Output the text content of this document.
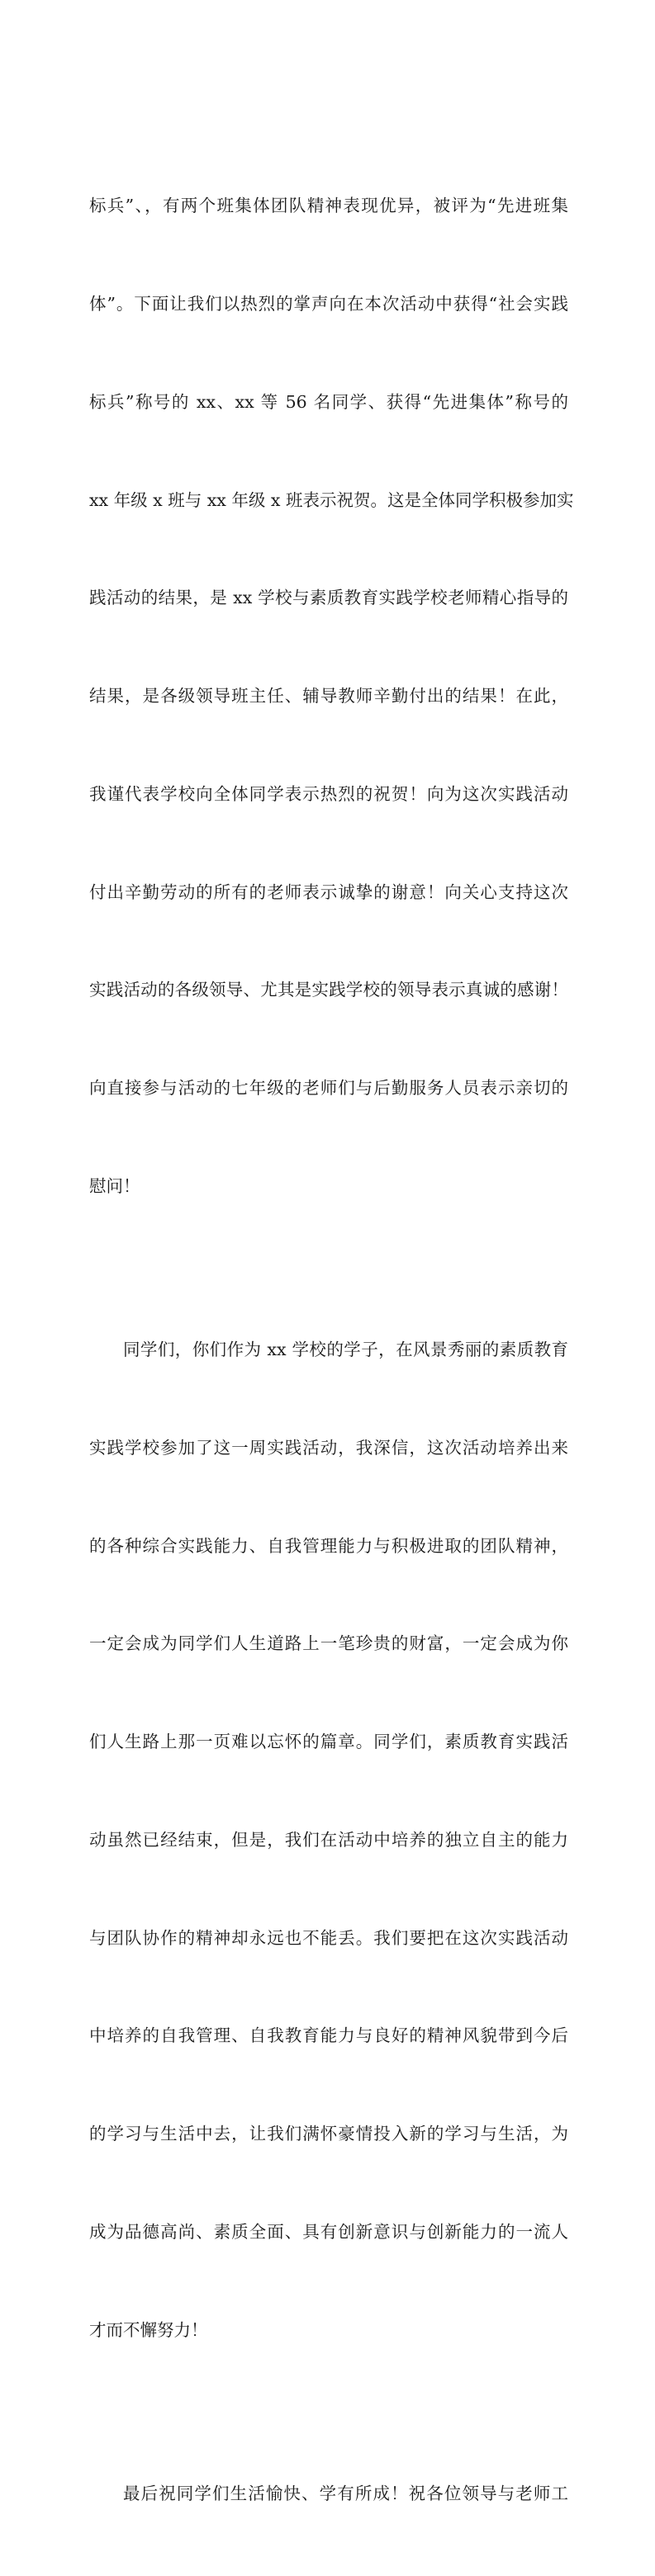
标兵”、，有两个班集体团队精神表现优异，被评为“先进班集

体”。下面让我们以热烈的掌声向在本次活动中获得“社会实践

标兵”称号的 xx、xx 等 56 名同学、获得“先进集体”称号的

xx 年级 x 班与 xx 年级 x 班表示祝贺。这是全体同学积极参加实

践活动的结果，是 xx 学校与素质教育实践学校老师精心指导的

结果，是各级领导班主任、辅导教师辛勤付出的结果！在此，

我谨代表学校向全体同学表示热烈的祝贺！向为这次实践活动

付出辛勤劳动的所有的老师表示诚挚的谢意！向关心支持这次

实践活动的各级领导、尤其是实践学校的领导表示真诚的感谢！

向直接参与活动的七年级的老师们与后勤服务人员表示亲切的

慰问！

同学们，你们作为 xx 学校的学子，在风景秀丽的素质教育

实践学校参加了这一周实践活动，我深信，这次活动培养出来

的各种综合实践能力、自我管理能力与积极进取的团队精神，

一定会成为同学们人生道路上一笔珍贵的财富，一定会成为你

们人生路上那一页难以忘怀的篇章。同学们，素质教育实践活

动虽然已经结束，但是，我们在活动中培养的独立自主的能力

与团队协作的精神却永远也不能丢。我们要把在这次实践活动

中培养的自我管理、自我教育能力与良好的精神风貌带到今后

的学习与生活中去，让我们满怀豪情投入新的学习与生活，为

成为品德高尚、素质全面、具有创新意识与创新能力的一流人

才而不懈努力！

最后祝同学们生活愉快、学有所成！祝各位领导与老师工
